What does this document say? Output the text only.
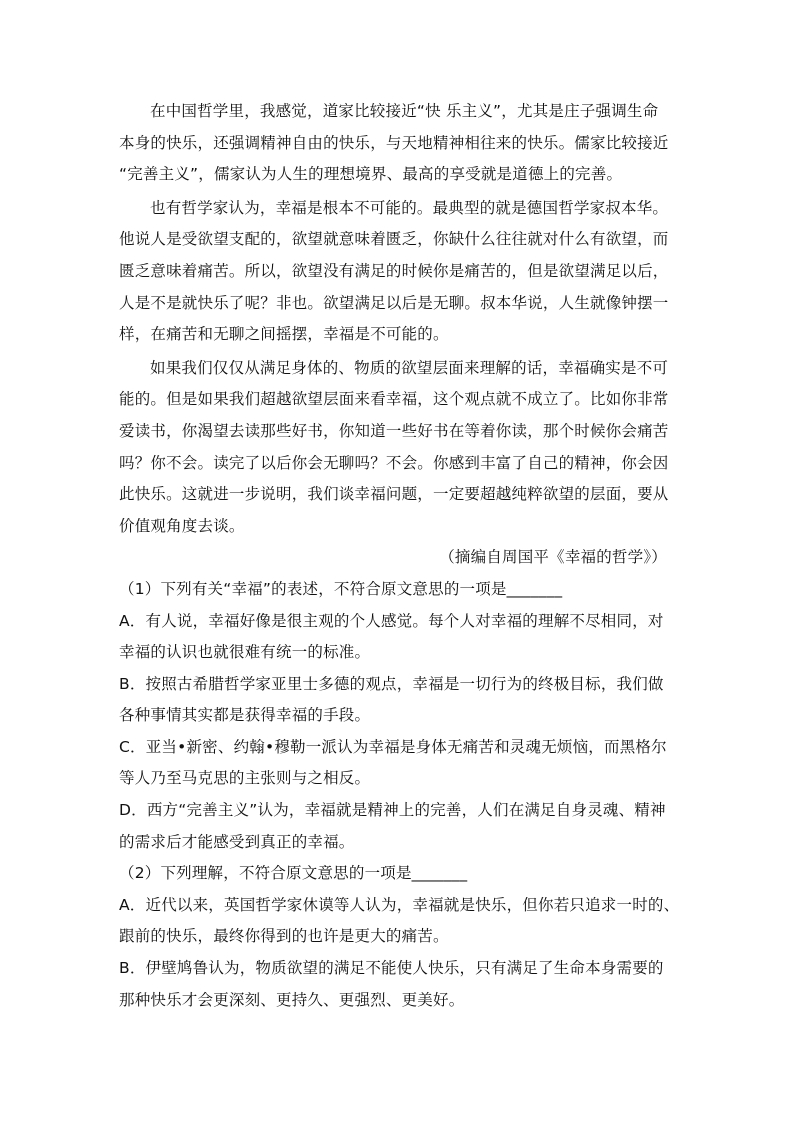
在中国哲学里，我感觉，道家比较接近“快 乐主义”，尤其是庄子强调生命
本身的快乐，还强调精神自由的快乐，与天地精神相往来的快乐。儒家比较接近
“完善主义”，儒家认为人生的理想境界、最高的享受就是道德上的完善。
也有哲学家认为，幸福是根本不可能的。最典型的就是德国哲学家叔本华。
他说人是受欲望支配的，欲望就意味着匮乏，你缺什么往往就对什么有欲望，而
匮乏意味着痛苦。所以，欲望没有满足的时候你是痛苦的，但是欲望满足以后，
人是不是就快乐了呢？非也。欲望满足以后是无聊。叔本华说，人生就像钟摆一
样，在痛苦和无聊之间摇摆，幸福是不可能的。
如果我们仅仅从满足身体的、物质的欲望层面来理解的话，幸福确实是不可
能的。但是如果我们超越欲望层面来看幸福，这个观点就不成立了。比如你非常
爱读书，你渴望去读那些好书，你知道一些好书在等着你读，那个时候你会痛苦
吗？你不会。读完了以后你会无聊吗？不会。你感到丰富了自己的精神，你会因
此快乐。这就进一步说明，我们谈幸福问题，一定要超越纯粹欲望的层面，要从
价值观角度去谈。
（摘编自周国平《幸福的哲学》）
（1）下列有关“幸福”的表述，不符合原文意思的一项是_______
A．有人说，幸福好像是很主观的个人感觉。每个人对幸福的理解不尽相同，对
幸福的认识也就很难有统一的标准。
B．按照古希腊哲学家亚里士多德的观点，幸福是一切行为的终极目标，我们做
各种事情其实都是获得幸福的手段。
C．亚当•新密、约翰•穆勒一派认为幸福是身体无痛苦和灵魂无烦恼，而黑格尔
等人乃至马克思的主张则与之相反。
D．西方“完善主义”认为，幸福就是精神上的完善，人们在满足自身灵魂、精神
的需求后才能感受到真正的幸福。
（2）下列理解，不符合原文意思的一项是_______
A．近代以来，英国哲学家休谟等人认为，幸福就是快乐，但你若只追求一时的、
跟前的快乐，最终你得到的也许是更大的痛苦。
B．伊壁鸠鲁认为，物质欲望的满足不能使人快乐，只有满足了生命本身需要的
那种快乐才会更深刻、更持久、更强烈、更美好。
